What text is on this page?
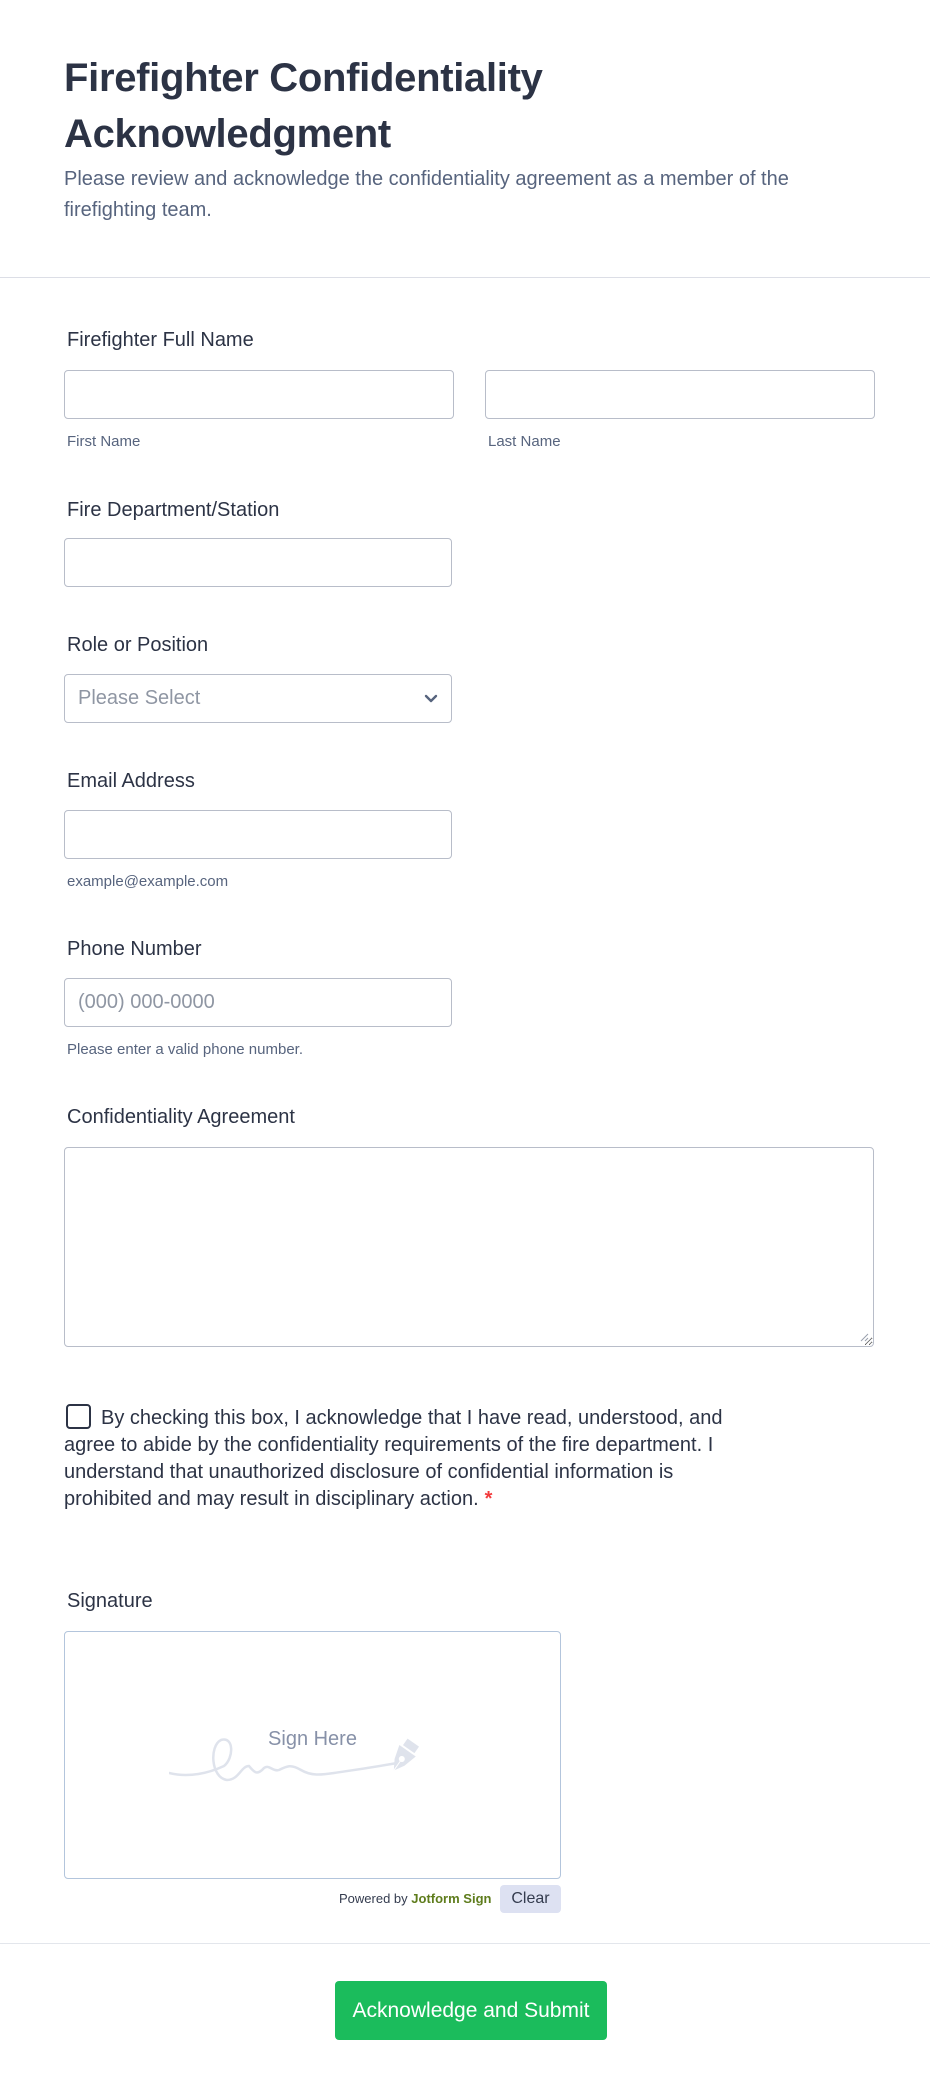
Firefighter Confidentiality Acknowledgment
Please review and acknowledge the confidentiality agreement as a member of the firefighting team.
Firefighter Full Name
First Name	Last Name
Fire Department/Station
Role or Position
Please Select
Email Address
example@example.com
Phone Number
(000) 000-0000
Please enter a valid phone number.
Confidentiality Agreement
By checking this box, I acknowledge that I have read, understood, and agree to abide by the confidentiality requirements of the fire department. I understand that unauthorized disclosure of confidential information is prohibited and may result in disciplinary action. *
Signature
Sign Here
Powered by Jotform Sign	Clear
Acknowledge and Submit
